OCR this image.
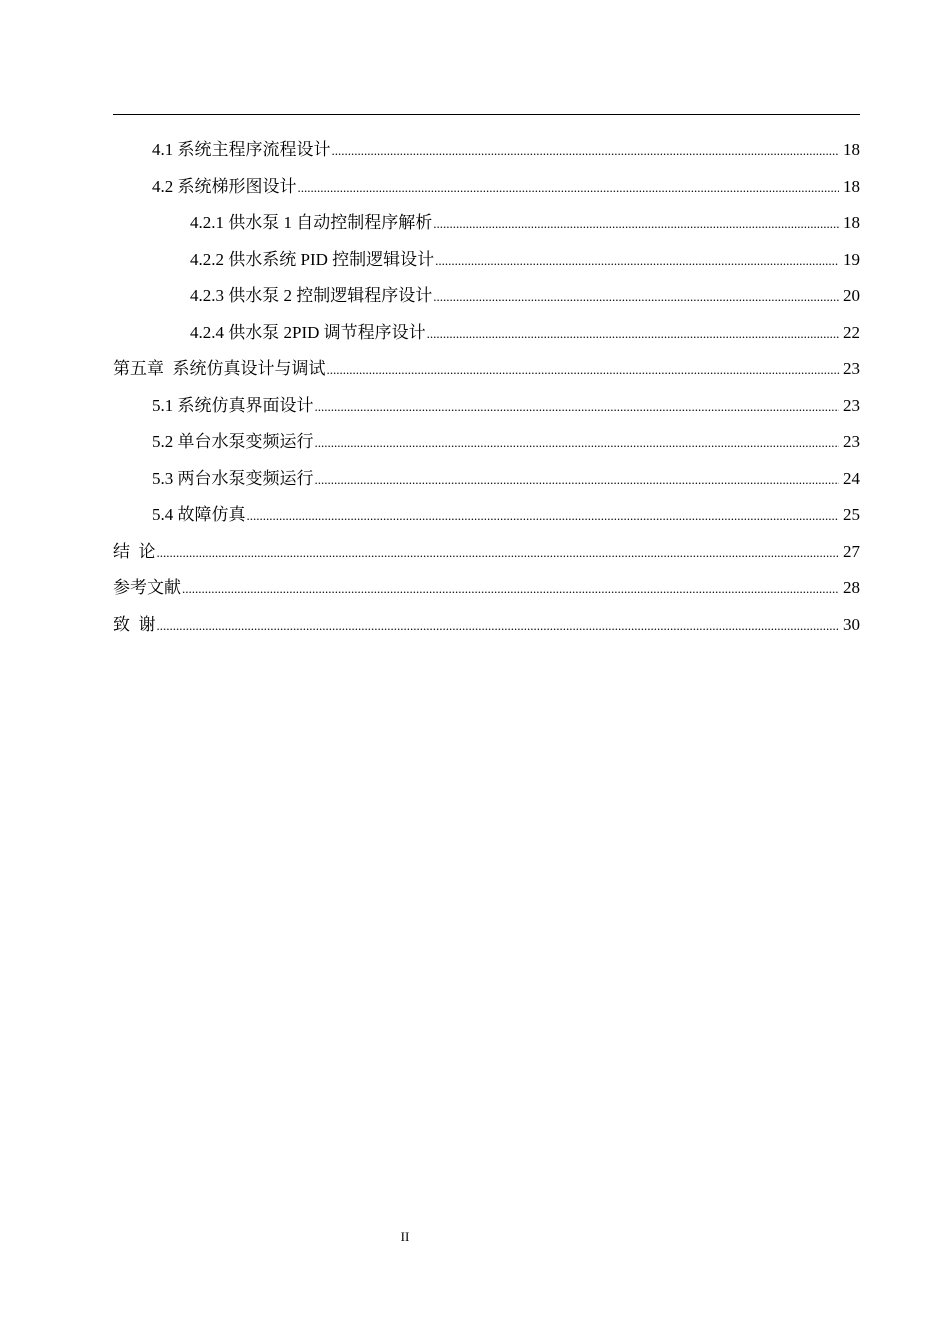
4.1 系统主程序流程设计 .....	18
4.2 系统梯形图设计 .....	18
4.2.1 供水泵 1 自动控制程序解析 .....	18
4.2.2 供水系统 PID 控制逻辑设计 .....	19
4.2.3 供水泵 2 控制逻辑程序设计 .....	20
4.2.4 供水泵 2PID 调节程序设计 .....	22
第五章  系统仿真设计与调试 .....	23
5.1 系统仿真界面设计 .....	23
5.2 单台水泵变频运行 .....	23
5.3 两台水泵变频运行 .....	24
5.4 故障仿真 .....	25
结  论 .....	27
参考文献 .....	28
致  谢 .....	30
II
